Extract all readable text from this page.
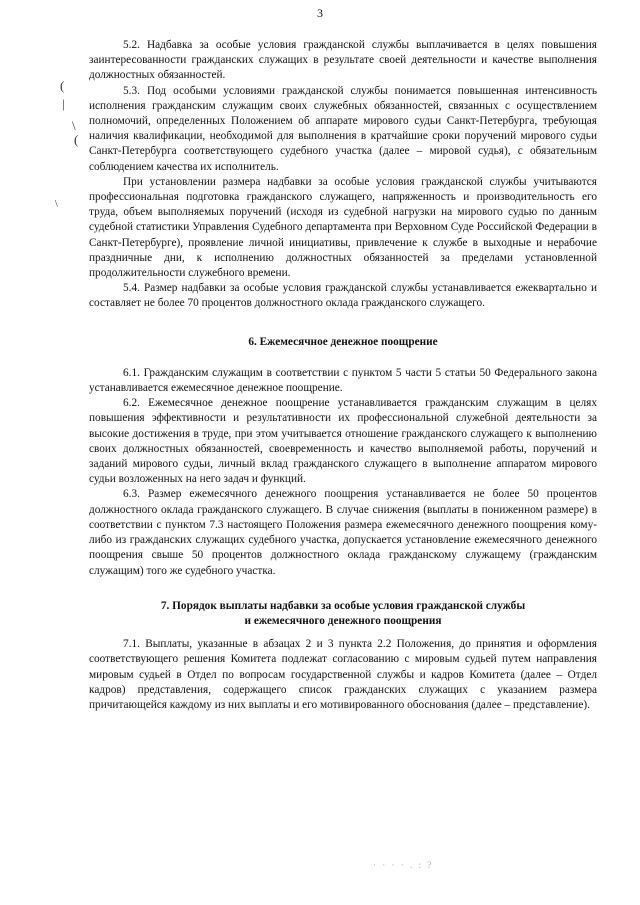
3
(
|
\
(
\

5.2. Надбавка за особые условия гражданской службы выплачивается в целях повышения заинтересованности гражданских служащих в результате своей деятельности и качестве выполнения должностных обязанностей.

5.3. Под особыми условиями гражданской службы понимается повышенная интенсивность исполнения гражданским служащим своих служебных обязанностей, связанных с осуществлением полномочий, определенных Положением об аппарате мирового судьи Санкт-Петербурга, требующая наличия квалификации, необходимой для выполнения в кратчайшие сроки поручений мирового судьи Санкт-Петербурга соответствующего судебного участка (далее – мировой судья), с обязательным соблюдением качества их исполнитель.

При установлении размера надбавки за особые условия гражданской службы учитываются профессиональная подготовка гражданского служащего, напряженность и производительность его труда, объем выполняемых поручений (исходя из судебной нагрузки на мирового судью по данным судебной статистики Управления Судебного департамента при Верховном Суде Российской Федерации в Санкт-Петербурге), проявление личной инициативы, привлечение к службе в выходные и нерабочие праздничные дни, к исполнению должностных обязанностей за пределами установленной продолжительности служебного времени.

5.4. Размер надбавки за особые условия гражданской службы устанавливается ежеквартально и составляет не более 70 процентов должностного оклада гражданского служащего.

6. Ежемесячное денежное поощрение

6.1. Гражданским служащим в соответствии с пунктом 5 части 5 статьи 50 Федерального закона устанавливается ежемесячное денежное поощрение.

6.2. Ежемесячное денежное поощрение устанавливается гражданским служащим в целях повышения эффективности и результативности их профессиональной служебной деятельности за высокие достижения в труде, при этом учитывается отношение гражданского служащего к выполнению своих должностных обязанностей, своевременность и качество выполняемой работы, поручений и заданий мирового судьи, личный вклад гражданского служащего в выполнение аппаратом мирового судьи возложенных на него задач и функций.

6.3. Размер ежемесячного денежного поощрения устанавливается не более 50 процентов должностного оклада гражданского служащего. В случае снижения (выплаты в пониженном размере) в соответствии с пунктом 7.3 настоящего Положения размера ежемесячного денежного поощрения кому-либо из гражданских служащих судебного участка, допускается установление ежемесячного денежного поощрения свыше 50 процентов должностного оклада гражданскому служащему (гражданским служащим) того же судебного участка.

7. Порядок выплаты надбавки за особые условия гражданской службы

и ежемесячного денежного поощрения

7.1. Выплаты, указанные в абзацах 2 и 3 пункта 2.2 Положения, до принятия и оформления соответствующего решения Комитета подлежат согласованию с мировым судьей путем направления мировым судьей в Отдел по вопросам государственной службы и кадров Комитета (далее – Отдел кадров) представления, содержащего список гражданских служащих с указанием размера причитающейся каждому из них выплаты и его мотивированного обоснования (далее – представление).

· · · · . : ?
